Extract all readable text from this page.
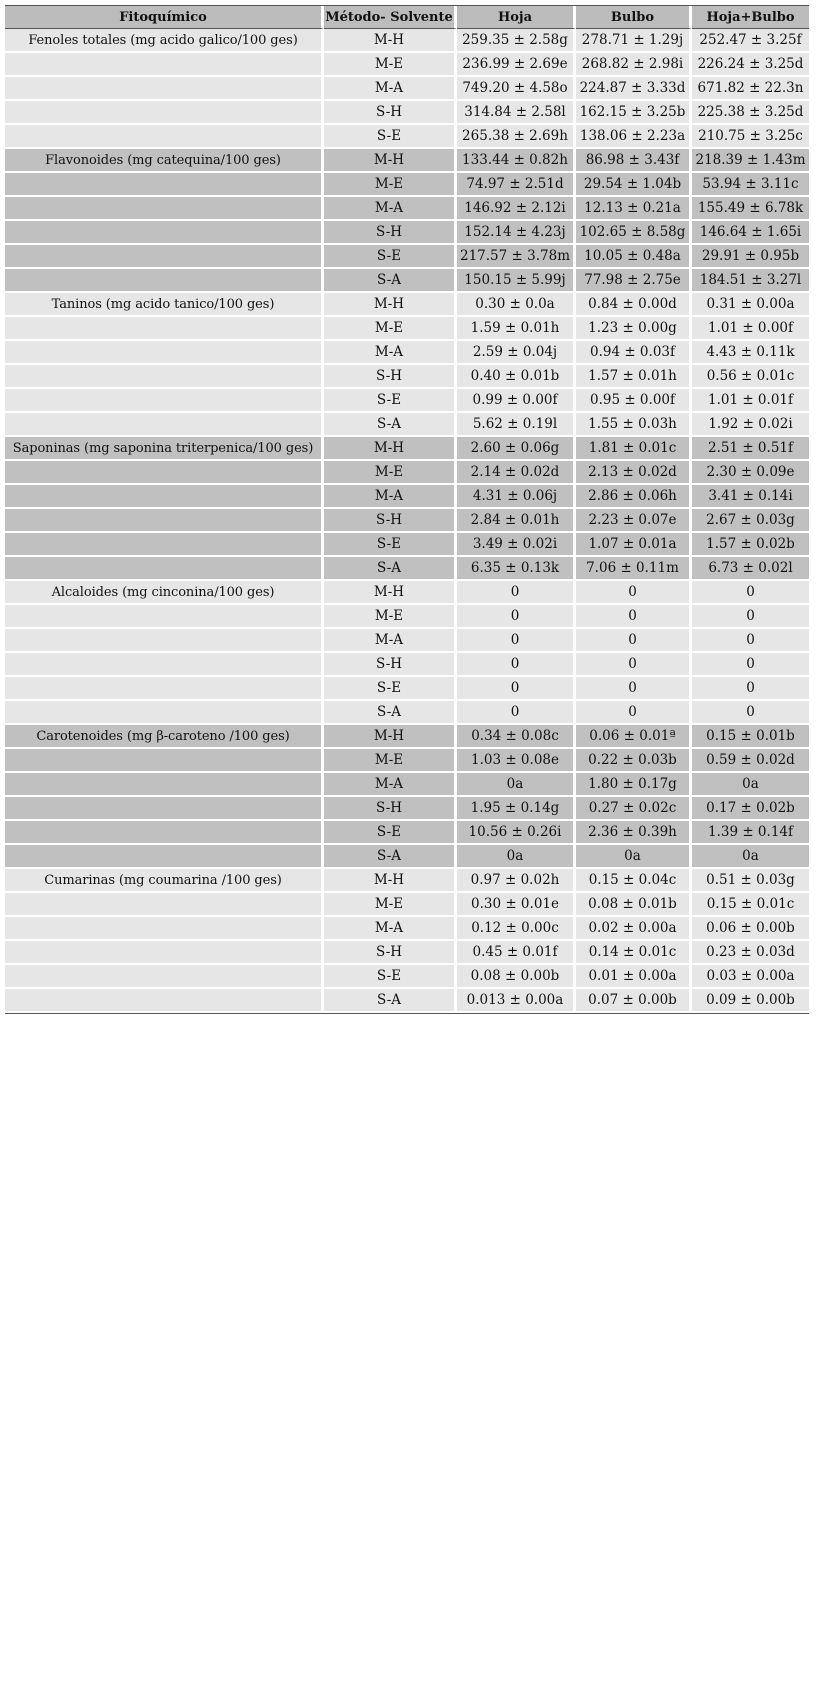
Fitoquímico	Método- Solvente	Hoja	Bulbo	Hoja+Bulbo
Fenoles totales (mg acido galico/100 ges)	M-H	259.35 ± 2.58g	278.71 ± 1.29j	252.47 ± 3.25f
	M-E	236.99 ± 2.69e	268.82 ± 2.98i	226.24 ± 3.25d
	M-A	749.20 ± 4.58o	224.87 ± 3.33d	671.82 ± 22.3n
	S-H	314.84 ± 2.58l	162.15 ± 3.25b	225.38 ± 3.25d
	S-E	265.38 ± 2.69h	138.06 ± 2.23a	210.75 ± 3.25c
Flavonoides (mg catequina/100 ges)	M-H	133.44 ± 0.82h	86.98 ± 3.43f	218.39 ± 1.43m
	M-E	74.97 ± 2.51d	29.54 ± 1.04b	53.94 ± 3.11c
	M-A	146.92 ± 2.12i	12.13 ± 0.21a	155.49 ± 6.78k
	S-H	152.14 ± 4.23j	102.65 ± 8.58g	146.64 ± 1.65i
	S-E	217.57 ± 3.78m	10.05 ± 0.48a	29.91 ± 0.95b
	S-A	150.15 ± 5.99j	77.98 ± 2.75e	184.51 ± 3.27l
Taninos (mg acido tanico/100 ges)	M-H	0.30 ± 0.0a	0.84 ± 0.00d	0.31 ± 0.00a
	M-E	1.59 ± 0.01h	1.23 ± 0.00g	1.01 ± 0.00f
	M-A	2.59 ± 0.04j	0.94 ± 0.03f	4.43 ± 0.11k
	S-H	0.40 ± 0.01b	1.57 ± 0.01h	0.56 ± 0.01c
	S-E	0.99 ± 0.00f	0.95 ± 0.00f	1.01 ± 0.01f
	S-A	5.62 ± 0.19l	1.55 ± 0.03h	1.92 ± 0.02i
Saponinas (mg saponina triterpenica/100 ges)	M-H	2.60 ± 0.06g	1.81 ± 0.01c	2.51 ± 0.51f
	M-E	2.14 ± 0.02d	2.13 ± 0.02d	2.30 ± 0.09e
	M-A	4.31 ± 0.06j	2.86 ± 0.06h	3.41 ± 0.14i
	S-H	2.84 ± 0.01h	2.23 ± 0.07e	2.67 ± 0.03g
	S-E	3.49 ± 0.02i	1.07 ± 0.01a	1.57 ± 0.02b
	S-A	6.35 ± 0.13k	7.06 ± 0.11m	6.73 ± 0.02l
Alcaloides (mg cinconina/100 ges)	M-H	0	0	0
	M-E	0	0	0
	M-A	0	0	0
	S-H	0	0	0
	S-E	0	0	0
	S-A	0	0	0
Carotenoides (mg β-caroteno /100 ges)	M-H	0.34 ± 0.08c	0.06 ± 0.01ª	0.15 ± 0.01b
	M-E	1.03 ± 0.08e	0.22 ± 0.03b	0.59 ± 0.02d
	M-A	0a	1.80 ± 0.17g	0a
	S-H	1.95 ± 0.14g	0.27 ± 0.02c	0.17 ± 0.02b
	S-E	10.56 ± 0.26i	2.36 ± 0.39h	1.39 ± 0.14f
	S-A	0a	0a	0a
Cumarinas (mg coumarina /100 ges)	M-H	0.97 ± 0.02h	0.15 ± 0.04c	0.51 ± 0.03g
	M-E	0.30 ± 0.01e	0.08 ± 0.01b	0.15 ± 0.01c
	M-A	0.12 ± 0.00c	0.02 ± 0.00a	0.06 ± 0.00b
	S-H	0.45 ± 0.01f	0.14 ± 0.01c	0.23 ± 0.03d
	S-E	0.08 ± 0.00b	0.01 ± 0.00a	0.03 ± 0.00a
	S-A	0.013 ± 0.00a	0.07 ± 0.00b	0.09 ± 0.00b
